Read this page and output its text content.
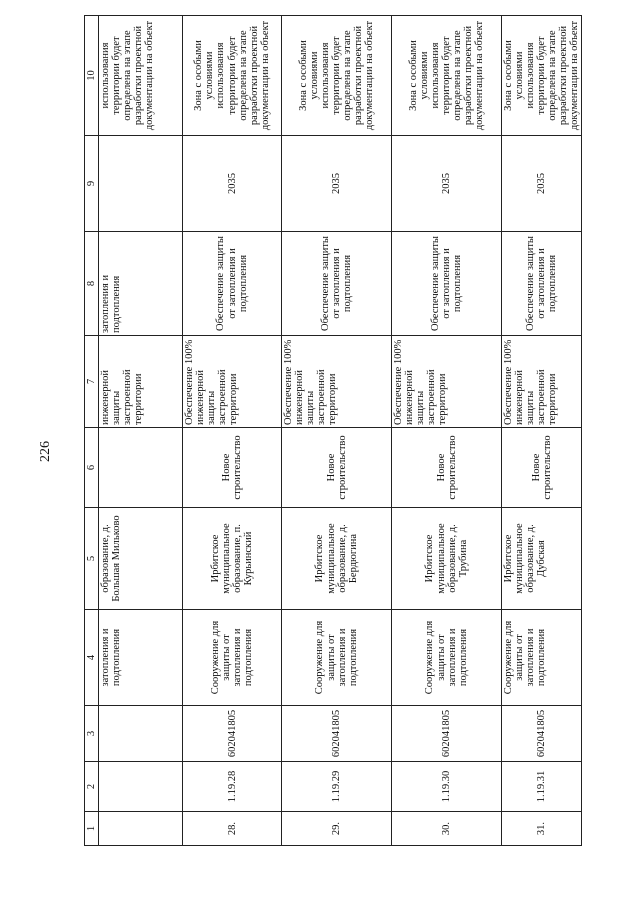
226
1	2	3	4	5	6	7	8	9	10
			затопления и подтопления	образование, д. Большая Мильково		инженерной защиты застроенной территории	затопления и подтопления		использования территории будет определена на этапе разработки проектной документации на объект
28.	1.19.28	602041805	Сооружение для защиты от затопления и подтопления	Ирбитское муниципальное образование, п. Курьинский	Новое строительство	Обеспечение 100% инженерной защиты застроенной территории	Обеспечение защиты от затопления и подтопления	2035	Зона с особыми условиями использования территории будет определена на этапе разработки проектной документации на объект
29.	1.19.29	602041805	Сооружение для защиты от затопления и подтопления	Ирбитское муниципальное образование, д. Бердюгина	Новое строительство	Обеспечение 100% инженерной защиты застроенной территории	Обеспечение защиты от затопления и подтопления	2035	Зона с особыми условиями использования территории будет определена на этапе разработки проектной документации на объект
30.	1.19.30	602041805	Сооружение для защиты от затопления и подтопления	Ирбитское муниципальное образование, д. Трубина	Новое строительство	Обеспечение 100% инженерной защиты застроенной территории	Обеспечение защиты от затопления и подтопления	2035	Зона с особыми условиями использования территории будет определена на этапе разработки проектной документации на объект
31.	1.19.31	602041805	Сооружение для защиты от затопления и подтопления	Ирбитское муниципальное образование, д. Дубская	Новое строительство	Обеспечение 100% инженерной защиты застроенной территории	Обеспечение защиты от затопления и подтопления	2035	Зона с особыми условиями использования территории будет определена на этапе разработки проектной документации на объект
